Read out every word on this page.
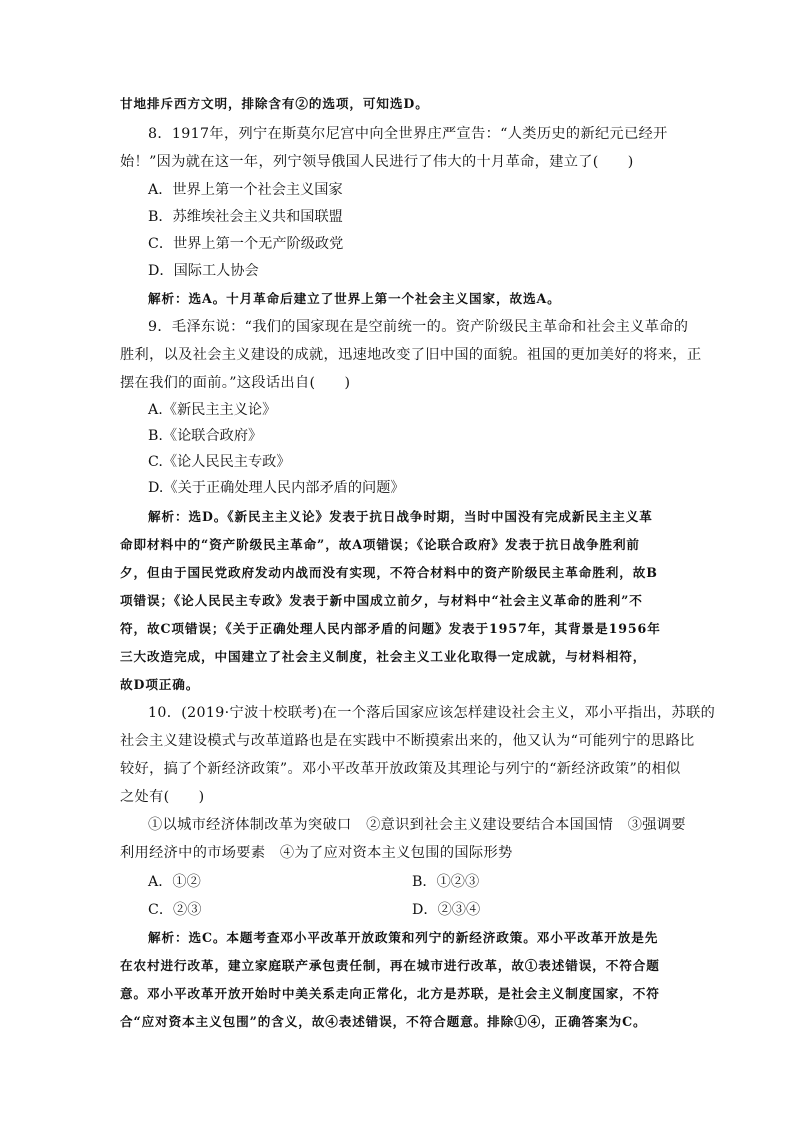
甘地排斥西方文明，排除含有②的选项，可知选D。
8．1917年，列宁在斯莫尔尼宫中向全世界庄严宣告：“人类历史的新纪元已经开
始！”因为就在这一年，列宁领导俄国人民进行了伟大的十月革命，建立了(　　)
A．世界上第一个社会主义国家
B．苏维埃社会主义共和国联盟
C．世界上第一个无产阶级政党
D．国际工人协会
解析：选A。十月革命后建立了世界上第一个社会主义国家，故选A。
9．毛泽东说：“我们的国家现在是空前统一的。资产阶级民主革命和社会主义革命的
胜利，以及社会主义建设的成就，迅速地改变了旧中国的面貌。祖国的更加美好的将来，正
摆在我们的面前。”这段话出自(　　)
A.《新民主主义论》
B.《论联合政府》
C.《论人民民主专政》
D.《关于正确处理人民内部矛盾的问题》
解析：选D。《新民主主义论》发表于抗日战争时期，当时中国没有完成新民主主义革
命即材料中的“资产阶级民主革命”，故A项错误；《论联合政府》发表于抗日战争胜利前
夕，但由于国民党政府发动内战而没有实现，不符合材料中的资产阶级民主革命胜利，故B
项错误；《论人民民主专政》发表于新中国成立前夕，与材料中“社会主义革命的胜利”不
符，故C项错误；《关于正确处理人民内部矛盾的问题》发表于1957年，其背景是1956年
三大改造完成，中国建立了社会主义制度，社会主义工业化取得一定成就，与材料相符，
故D项正确。
10．(2019·宁波十校联考)在一个落后国家应该怎样建设社会主义，邓小平指出，苏联的
社会主义建设模式与改革道路也是在实践中不断摸索出来的，他又认为“可能列宁的思路比
较好，搞了个新经济政策”。邓小平改革开放政策及其理论与列宁的“新经济政策”的相似
之处有(　　)
①以城市经济体制改革为突破口　②意识到社会主义建设要结合本国国情　③强调要
利用经济中的市场要素　④为了应对资本主义包围的国际形势
A．①②	B．①②③
C．②③	D．②③④
解析：选C。本题考查邓小平改革开放政策和列宁的新经济政策。邓小平改革开放是先
在农村进行改革，建立家庭联产承包责任制，再在城市进行改革，故①表述错误，不符合题
意。邓小平改革开放开始时中美关系走向正常化，北方是苏联，是社会主义制度国家，不符
合“应对资本主义包围”的含义，故④表述错误，不符合题意。排除①④，正确答案为C。
